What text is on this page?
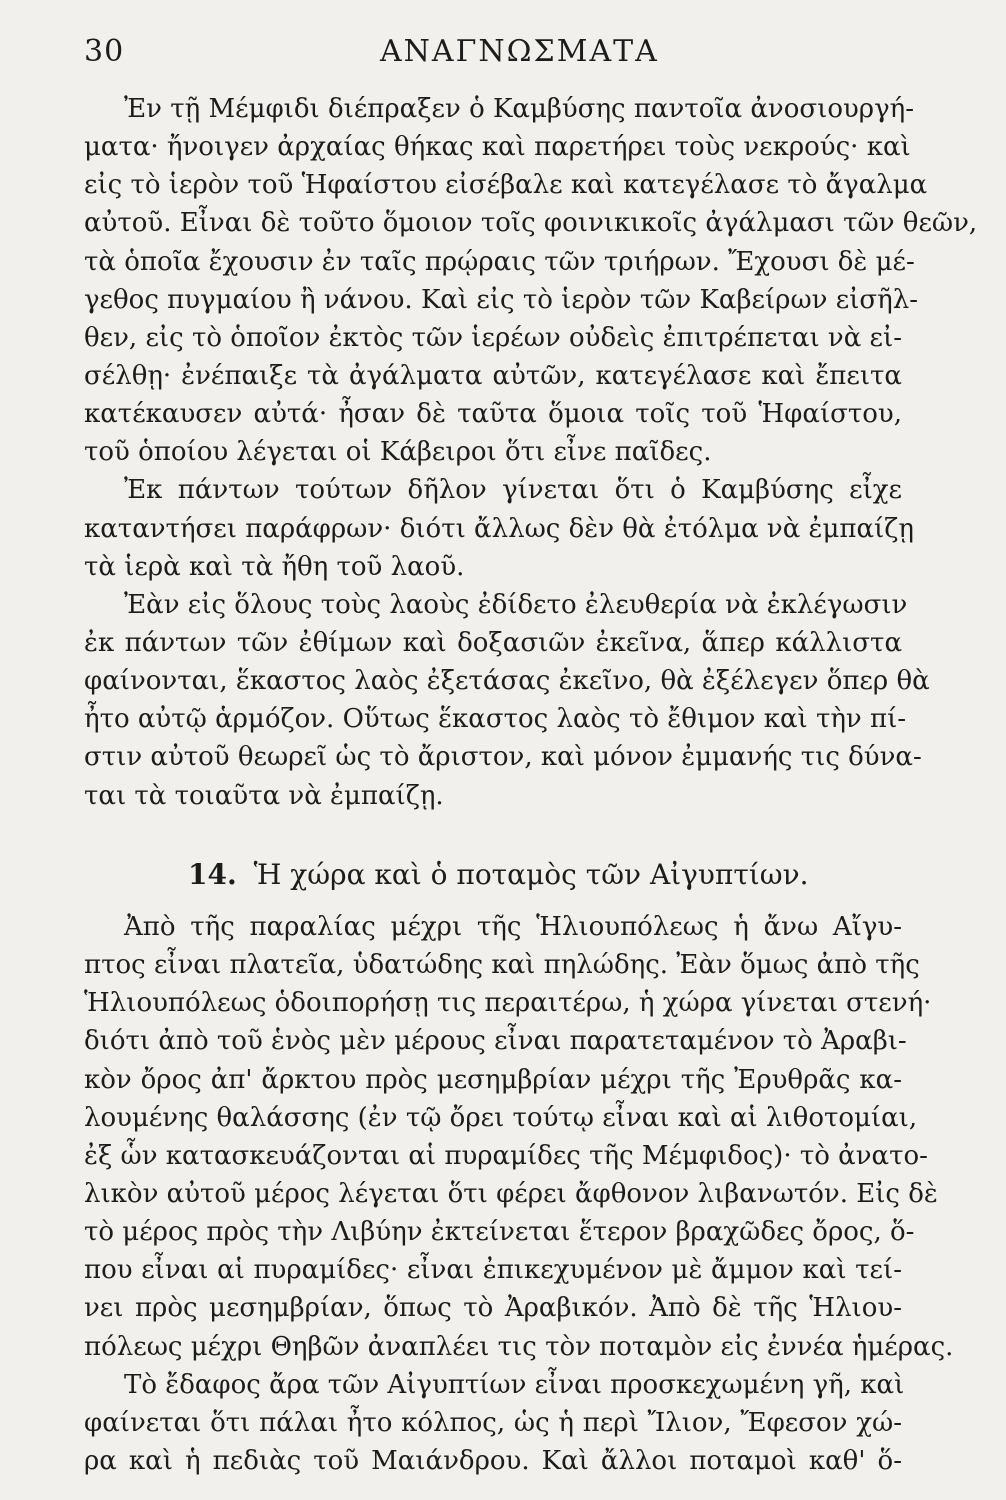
30	ΑΝΑΓΝΩΣΜΑΤΑ
Ἐν τῇ Μέμφιδι διέπραξεν ὁ Καμβύσης παντοῖα ἀνοσιουργή-
ματα· ἤνοιγεν ἀρχαίας θήκας καὶ παρετήρει τοὺς νεκρούς· καὶ
εἰς τὸ ἱερὸν τοῦ Ἡφαίστου εἰσέβαλε καὶ κατεγέλασε τὸ ἄγαλμα
αὐτοῦ. Εἶναι δὲ τοῦτο ὅμοιον τοῖς φοινικικοῖς ἀγάλμασι τῶν θεῶν,
τὰ ὁποῖα ἔχουσιν ἐν ταῖς πρῴραις τῶν τριήρων. Ἔχουσι δὲ μέ-
γεθος πυγμαίου ἢ νάνου. Καὶ εἰς τὸ ἱερὸν τῶν Καβείρων εἰσῆλ-
θεν, εἰς τὸ ὁποῖον ἐκτὸς τῶν ἱερέων οὐδεὶς ἐπιτρέπεται νὰ εἰ-
σέλθῃ· ἐνέπαιξε τὰ ἀγάλματα αὐτῶν, κατεγέλασε καὶ ἔπειτα
κατέκαυσεν αὐτά· ἦσαν δὲ ταῦτα ὅμοια τοῖς τοῦ Ἡφαίστου,
τοῦ ὁποίου λέγεται οἱ Κάβειροι ὅτι εἶνε παῖδες.
Ἐκ πάντων τούτων δῆλον γίνεται ὅτι ὁ Καμβύσης εἶχε
καταντήσει παράφρων· διότι ἄλλως δὲν θὰ ἐτόλμα νὰ ἐμπαίζῃ
τὰ ἱερὰ καὶ τὰ ἤθη τοῦ λαοῦ.
Ἐὰν εἰς ὅλους τοὺς λαοὺς ἐδίδετο ἐλευθερία νὰ ἐκλέγωσιν
ἐκ πάντων τῶν ἐθίμων καὶ δοξασιῶν ἐκεῖνα, ἅπερ κάλλιστα
φαίνονται, ἕκαστος λαὸς ἐξετάσας ἐκεῖνο, θὰ ἐξέλεγεν ὅπερ θὰ
ἦτο αὐτῷ ἁρμόζον. Οὕτως ἕκαστος λαὸς τὸ ἔθιμον καὶ τὴν πί-
στιν αὐτοῦ θεωρεῖ ὡς τὸ ἄριστον, καὶ μόνον ἐμμανής τις δύνα-
ται τὰ τοιαῦτα νὰ ἐμπαίζῃ.
14. Ἡ χώρα καὶ ὁ ποταμὸς τῶν Αἰγυπτίων.
Ἀπὸ τῆς παραλίας μέχρι τῆς Ἡλιουπόλεως ἡ ἄνω Αἴγυ-
πτος εἶναι πλατεῖα, ὑδατώδης καὶ πηλώδης. Ἐὰν ὅμως ἀπὸ τῆς
Ἡλιουπόλεως ὁδοιπορήσῃ τις περαιτέρω, ἡ χώρα γίνεται στενή·
διότι ἀπὸ τοῦ ἑνὸς μὲν μέρους εἶναι παρατεταμένον τὸ Ἀραβι-
κὸν ὄρος ἀπ' ἄρκτου πρὸς μεσημβρίαν μέχρι τῆς Ἐρυθρᾶς κα-
λουμένης θαλάσσης (ἐν τῷ ὄρει τούτῳ εἶναι καὶ αἱ λιθοτομίαι,
ἐξ ὧν κατασκευάζονται αἱ πυραμίδες τῆς Μέμφιδος)· τὸ ἀνατο-
λικὸν αὐτοῦ μέρος λέγεται ὅτι φέρει ἄφθονον λιβανωτόν. Εἰς δὲ
τὸ μέρος πρὸς τὴν Λιβύην ἐκτείνεται ἕτερον βραχῶδες ὄρος, ὅ-
που εἶναι αἱ πυραμίδες· εἶναι ἐπικεχυμένον μὲ ἄμμον καὶ τεί-
νει πρὸς μεσημβρίαν, ὅπως τὸ Ἀραβικόν. Ἀπὸ δὲ τῆς Ἡλιου-
πόλεως μέχρι Θηβῶν ἀναπλέει τις τὸν ποταμὸν εἰς ἐννέα ἡμέρας.
Τὸ ἔδαφος ἄρα τῶν Αἰγυπτίων εἶναι προσκεχωμένη γῆ, καὶ
φαίνεται ὅτι πάλαι ἦτο κόλπος, ὡς ἡ περὶ Ἴλιον, Ἔφεσον χώ-
ρα καὶ ἡ πεδιὰς τοῦ Μαιάνδρου. Καὶ ἄλλοι ποταμοὶ καθ' ὅ-
